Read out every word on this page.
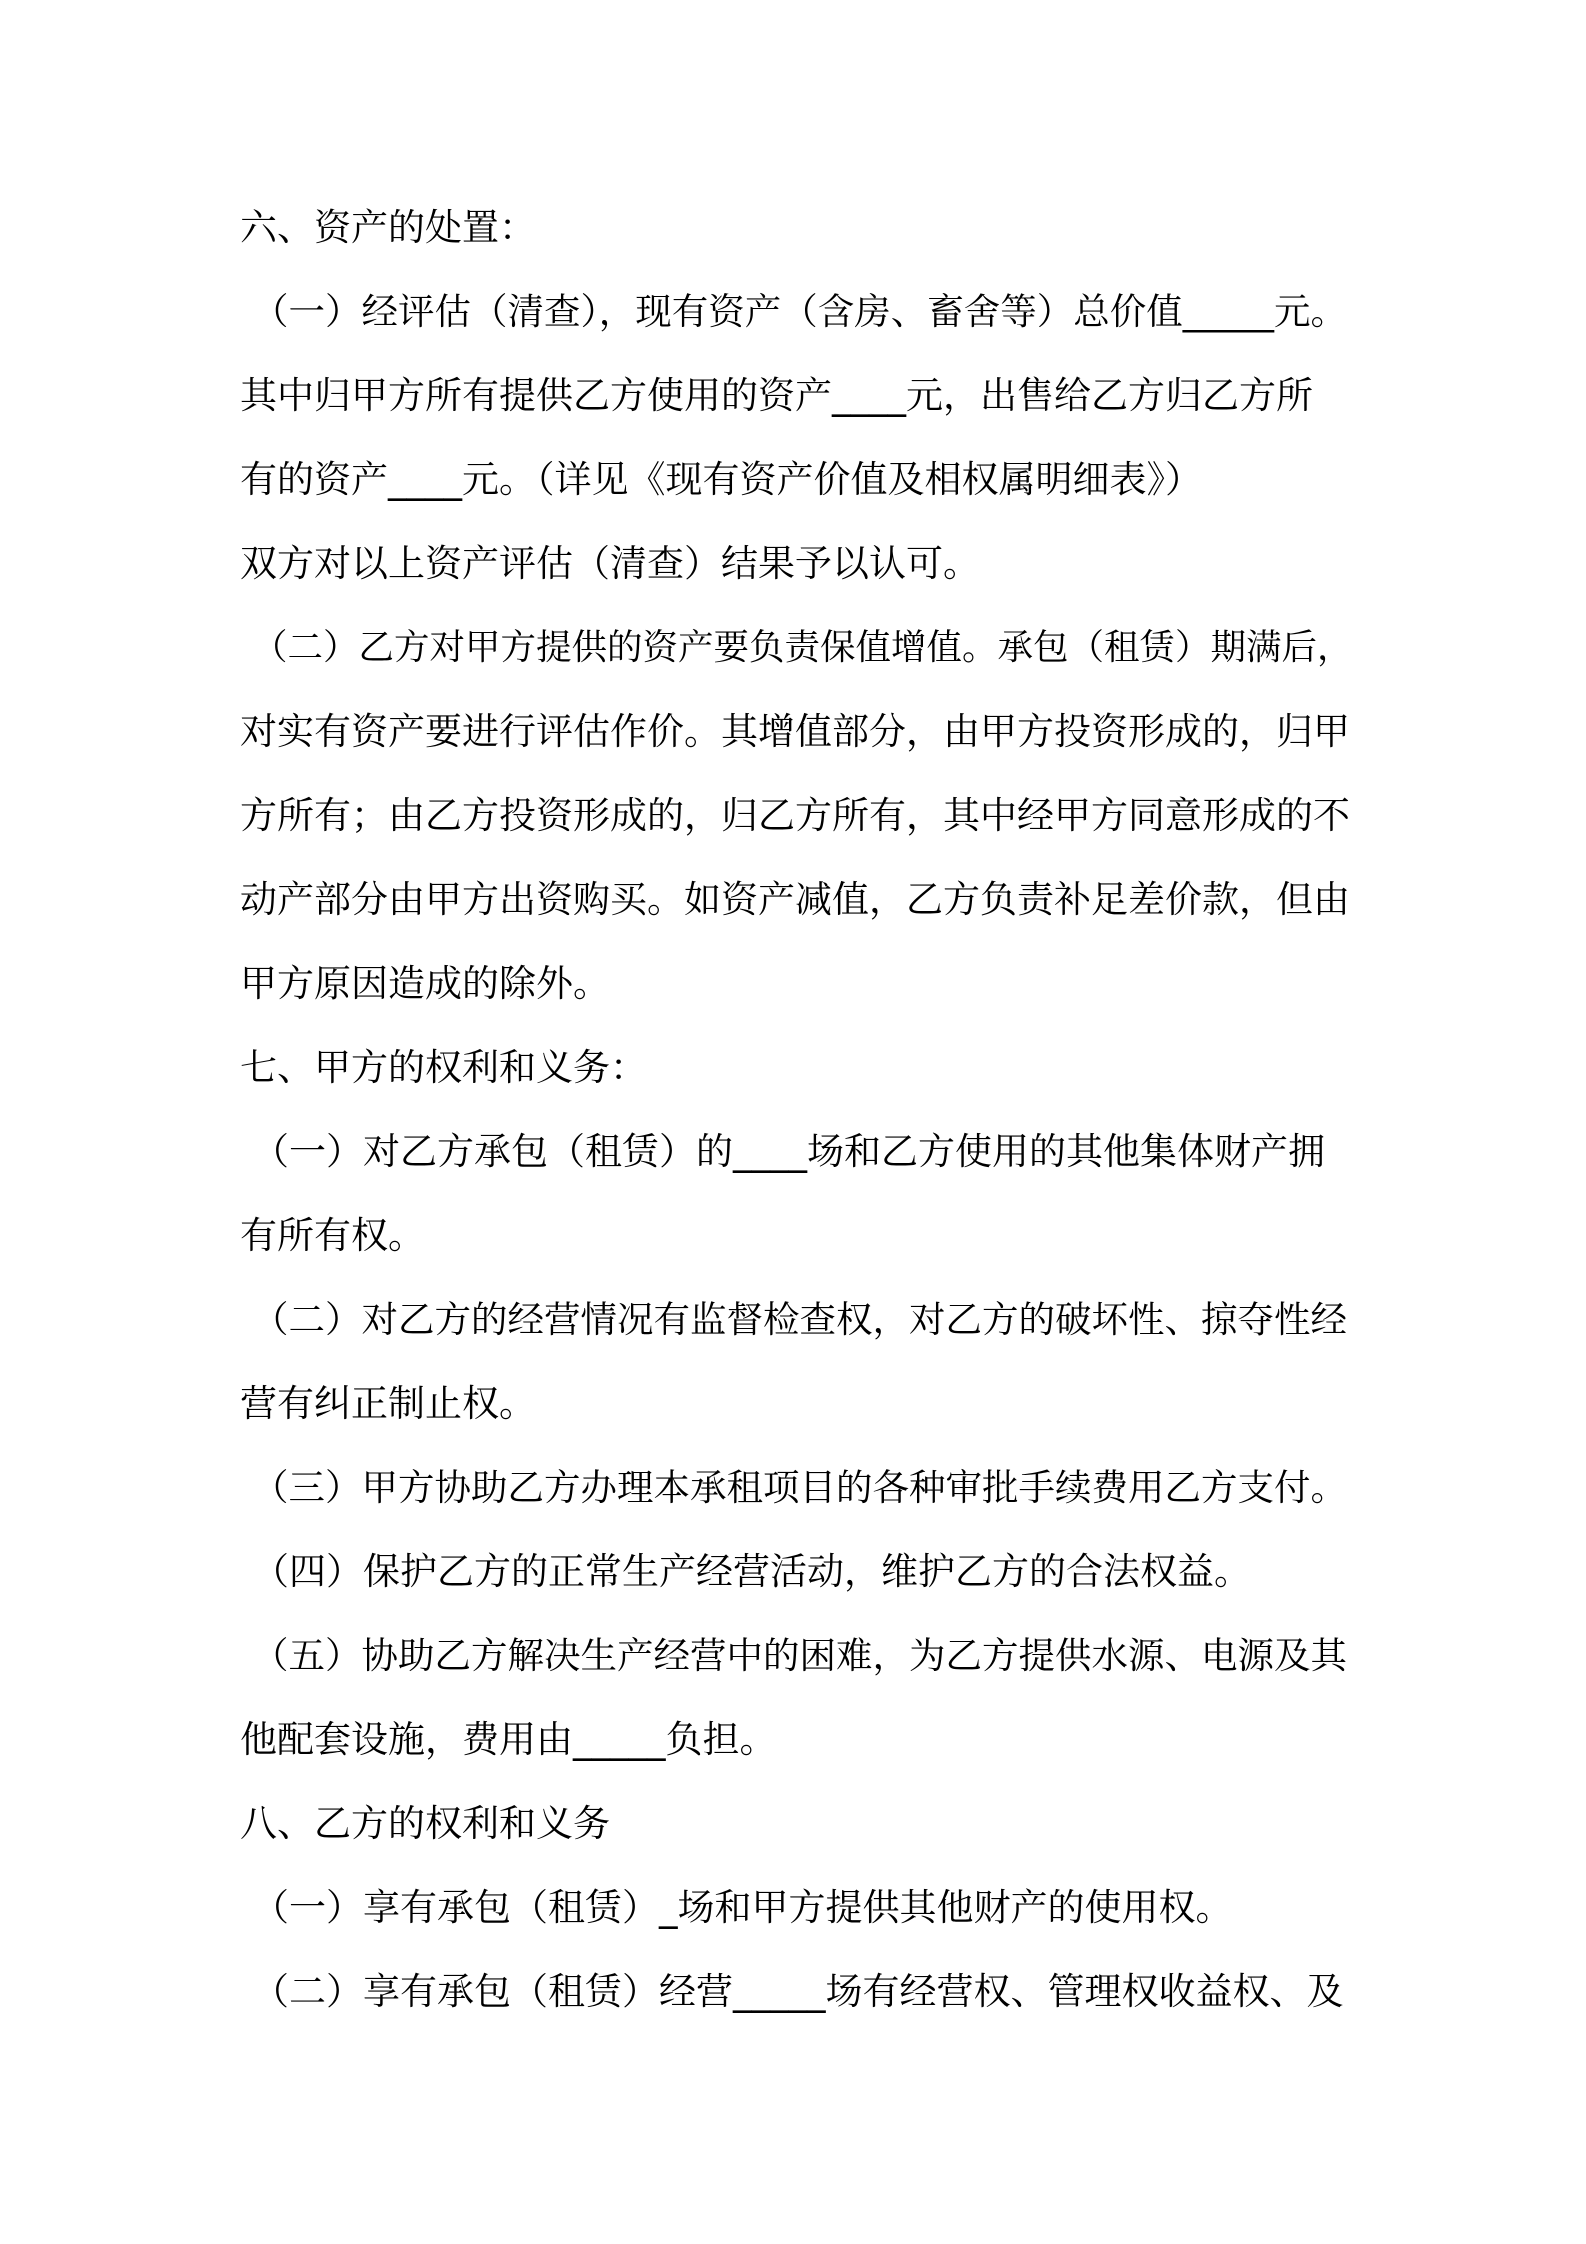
六、资产的处置：

（一）经评估（清查），现有资产（含房、畜舍等）总价值_____元。

其中归甲方所有提供乙方使用的资产____元，出售给乙方归乙方所

有的资产____元。（详见《现有资产价值及相权属明细表》）

双方对以上资产评估（清查）结果予以认可。

（二）乙方对甲方提供的资产要负责保值增值。承包（租赁）期满后，

对实有资产要进行评估作价。其增值部分，由甲方投资形成的，归甲

方所有；由乙方投资形成的，归乙方所有，其中经甲方同意形成的不

动产部分由甲方出资购买。如资产减值，乙方负责补足差价款，但由

甲方原因造成的除外。

七、甲方的权利和义务：

（一）对乙方承包（租赁）的____场和乙方使用的其他集体财产拥

有所有权。

（二）对乙方的经营情况有监督检查权，对乙方的破坏性、掠夺性经

营有纠正制止权。

（三）甲方协助乙方办理本承租项目的各种审批手续费用乙方支付。

（四）保护乙方的正常生产经营活动，维护乙方的合法权益。

（五）协助乙方解决生产经营中的困难，为乙方提供水源、电源及其

他配套设施，费用由_____负担。

八、乙方的权利和义务

（一）享有承包（租赁）_场和甲方提供其他财产的使用权。

（二）享有承包（租赁）经营_____场有经营权、管理权收益权、及
